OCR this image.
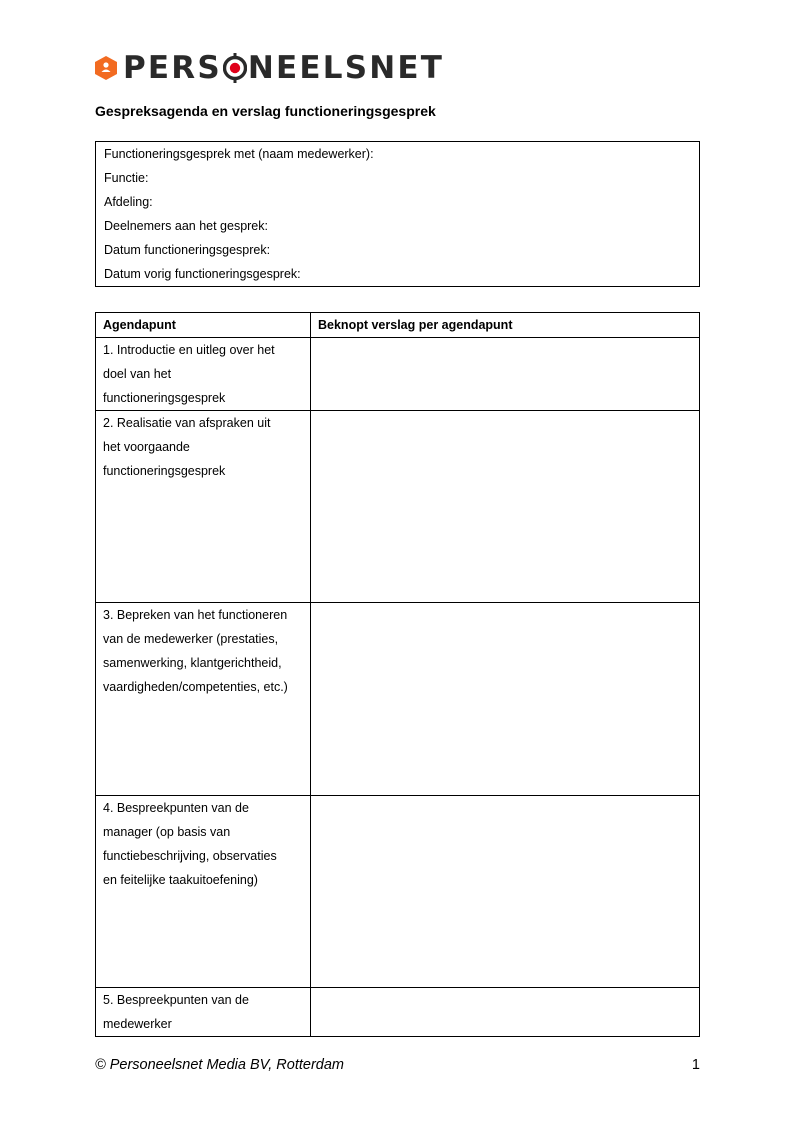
PERS NEELSNET
Gespreksagenda en verslag functioneringsgesprek
Functioneringsgesprek met (naam medewerker):
Functie:
Afdeling:
Deelnemers aan het gesprek:
Datum functioneringsgesprek:
Datum vorig functioneringsgesprek:
Agendapunt	Beknopt verslag per agendapunt

1. Introductie en uitleg over het
doel van het
functioneringsgesprek	

2. Realisatie van afspraken uit
het voorgaande
functioneringsgesprek	

3. Bepreken van het functioneren
van de medewerker (prestaties,
samenwerking, klantgerichtheid,
vaardigheden/competenties, etc.)	

4. Bespreekpunten van de
manager (op basis van
functiebeschrijving, observaties
en feitelijke taakuitoefening)	

5. Bespreekpunten van de
medewerker	

© Personeelsnet Media BV, Rotterdam	1
